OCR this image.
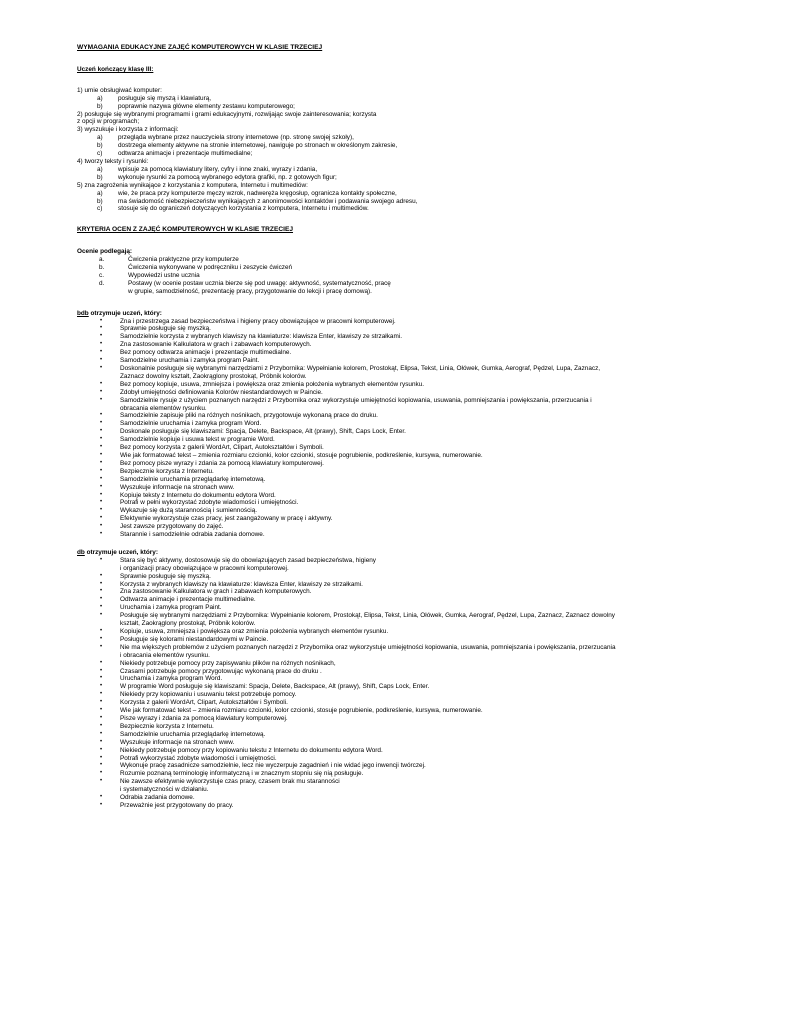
WYMAGANIA EDUKACYJNE ZAJĘĆ KOMPUTEROWYCH W KLASIE TRZECIEJ
Uczeń kończący klasę III:
1) umie obsługiwać komputer:
a) posługuje się myszą i klawiaturą,
b) poprawnie nazywa główne elementy zestawu komputerowego;
2) posługuje się wybranymi programami i grami edukacyjnymi, rozwijając swoje zainteresowania; korzysta
z opcji w programach;
3) wyszukuje i korzysta z informacji:
a) przegląda wybrane przez nauczyciela strony internetowe (np. stronę swojej szkoły),
b) dostrzega elementy aktywne na stronie internetowej, nawiguje po stronach w określonym zakresie,
c) odtwarza animacje i prezentacje multimedialne;
4) tworzy teksty i rysunki:
a) wpisuje za pomocą klawiatury litery, cyfry i inne znaki, wyrazy i zdania,
b) wykonuje rysunki za pomocą wybranego edytora grafiki, np. z gotowych figur;
5) zna zagrożenia wynikające z korzystania z komputera, Internetu i multimediów:
a) wie, że praca przy komputerze męczy wzrok, nadweręża kręgosłup, ogranicza kontakty społeczne,
b) ma świadomość niebezpieczeństw wynikających z anonimowości kontaktów i podawania swojego adresu,
c) stosuje się do ograniczeń dotyczących korzystania z komputera, Internetu i multimediów.
KRYTERIA OCEN Z ZAJĘĆ KOMPUTEROWYCH W KLASIE TRZECIEJ
Ocenie podlegają:
a.	Ćwiczenia praktyczne przy komputerze
b.	Ćwiczenia wykonywane w podręczniku i zeszycie ćwiczeń
c.	Wypowiedzi ustne ucznia
d.	Postawy (w ocenie postaw ucznia bierze się pod uwagę: aktywność, systematyczność, pracę
w grupie, samodzielność, prezentację pracy, przygotowanie do lekcji i pracę domową).
bdb otrzymuje uczeń, który:
•	Zna i przestrzega zasad bezpieczeństwa i higieny pracy obowiązujące w pracowni komputerowej.
•	Sprawnie posługuje się myszką.
•	Samodzielnie korzysta z wybranych klawiszy na klawiaturze: klawisza Enter, klawiszy ze strzałkami.
•	Zna zastosowanie Kalkulatora w grach i zabawach komputerowych.
•	Bez pomocy odtwarza animacje i prezentacje multimedialne.
•	Samodzielne uruchamia i zamyka program Paint.
•	Doskonalnie posługuje się wybranymi narzędziami z Przybornika: Wypełnianie kolorem, Prostokąt, Elipsa, Tekst, Linia, Ołówek, Gumka, Aerograf, Pędzel, Lupa, Zaznacz,
Zaznacz dowolny kształt, Zaokrąglony prostokąt, Próbnik kolorów.
•	Bez pomocy kopiuje, usuwa, zmniejsza i powiększa oraz zmienia położenia wybranych elementów rysunku.
•	Zdobył umiejętności definiowania Kolorów niestandardowych w Paincie.
•	Samodzielnie rysuje z użyciem poznanych narzędzi z Przybornika oraz wykorzystuje umiejętności kopiowania, usuwania, pomniejszania i powiększania, przerzucania i
obracania elementów rysunku.
•	Samodzielnie zapisuje pliki na różnych nośnikach, przygotowuje wykonaną prace do druku.
•	Samodzielnie uruchamia i zamyka program Word.
•	Doskonale posługuje się klawiszami: Spacja, Delete, Backspace, Alt (prawy), Shift, Caps Lock, Enter.
•	Samodzielnie kopiuje i usuwa tekst w programie Word.
•	Bez pomocy korzysta z galerii WordArt, Clipart, Autokształtów i Symboli.
•	Wie jak formatować tekst – zmienia rozmiaru czcionki, kolor czcionki, stosuje pogrubienie, podkreślenie, kursywa, numerowanie.
•	Bez pomocy pisze wyrazy i zdania za pomocą klawiatury komputerowej.
•	Bezpiecznie korzysta z Internetu.
•	Samodzielnie uruchamia przeglądarkę internetową.
•	Wyszukuje informacje na stronach www.
•	Kopiuje teksty z Internetu do dokumentu edytora Word.
•	Potrafi w pełni wykorzystać zdobyte wiadomości i umiejętności.
•	Wykazuje się dużą starannością i sumiennością.
•	Efektywnie wykorzystuje czas pracy, jest zaangażowany w pracę i aktywny.
•	Jest zawsze przygotowany do zajęć.
•	Starannie i samodzielnie odrabia zadania domowe.
db otrzymuje uczeń, który:
•	Stara się być aktywny, dostosowuje się do obowiązujących zasad bezpieczeństwa, higieny
i organizacji pracy obowiązujące w pracowni komputerowej.
•	Sprawnie posługuje się myszką.
•	Korzysta z wybranych klawiszy na klawiaturze: klawisza Enter, klawiszy ze strzałkami.
•	Zna zastosowanie Kalkulatora w grach i zabawach komputerowych.
•	Odtwarza animacje i prezentacje multimedialne.
•	Uruchamia i zamyka program Paint.
•	Posługuje się wybranymi narzędziami z Przybornika: Wypełnianie kolorem, Prostokąt, Elipsa, Tekst, Linia, Ołówek, Gumka, Aerograf, Pędzel, Lupa, Zaznacz, Zaznacz dowolny
kształt, Zaokrąglony prostokąt, Próbnik kolorów.
•	Kopiuje, usuwa, zmniejsza i powiększa oraz zmienia położenia wybranych elementów rysunku.
•	Posługuje się kolorami niestandardowymi w Paincie.
•	Nie ma większych problemów z użyciem poznanych narzędzi z Przybornika oraz wykorzystuje umiejętności kopiowania, usuwania, pomniejszania i powiększania, przerzucania
i obracania elementów rysunku.
•	Niekiedy potrzebuje pomocy przy zapisywaniu plików na różnych nośnikach,
•	Czasami potrzebuje pomocy przygotowując wykonaną prace do druku .
•	Uruchamia i zamyka program Word.
•	W programie Word posługuje się klawiszami: Spacja, Delete, Backspace, Alt (prawy), Shift, Caps Lock, Enter.
•	Niekiedy przy kopiowaniu i usuwaniu tekst potrzebuje pomocy.
•	Korzysta z galerii WordArt, Clipart, Autokształtów i Symboli.
•	Wie jak formatować tekst – zmienia rozmiaru czcionki, kolor czcionki, stosuje pogrubienie, podkreślenie, kursywa, numerowanie.
•	Pisze wyrazy i zdania za pomocą klawiatury komputerowej.
•	Bezpiecznie korzysta z Internetu.
•	Samodzielnie uruchamia przeglądarkę internetową.
•	Wyszukuje informacje na stronach www.
•	Niekiedy potrzebuje pomocy przy kopiowaniu tekstu z Internetu do dokumentu edytora Word.
•	Potrafi wykorzystać zdobyte wiadomości i umiejętności.
•	Wykonuje pracę zasadnicze samodzielnie, lecz nie wyczerpuje zagadnień i nie widać jego inwencji twórczej.
•	Rozumie poznaną terminologię informatyczną i w znacznym stopniu się nią posługuje.
•	Nie zawsze efektywnie wykorzystuje czas pracy, czasem brak mu staranności
i systematyczności w działaniu.
•	Odrabia zadania domowe.
•	Przeważnie jest przygotowany do pracy.
